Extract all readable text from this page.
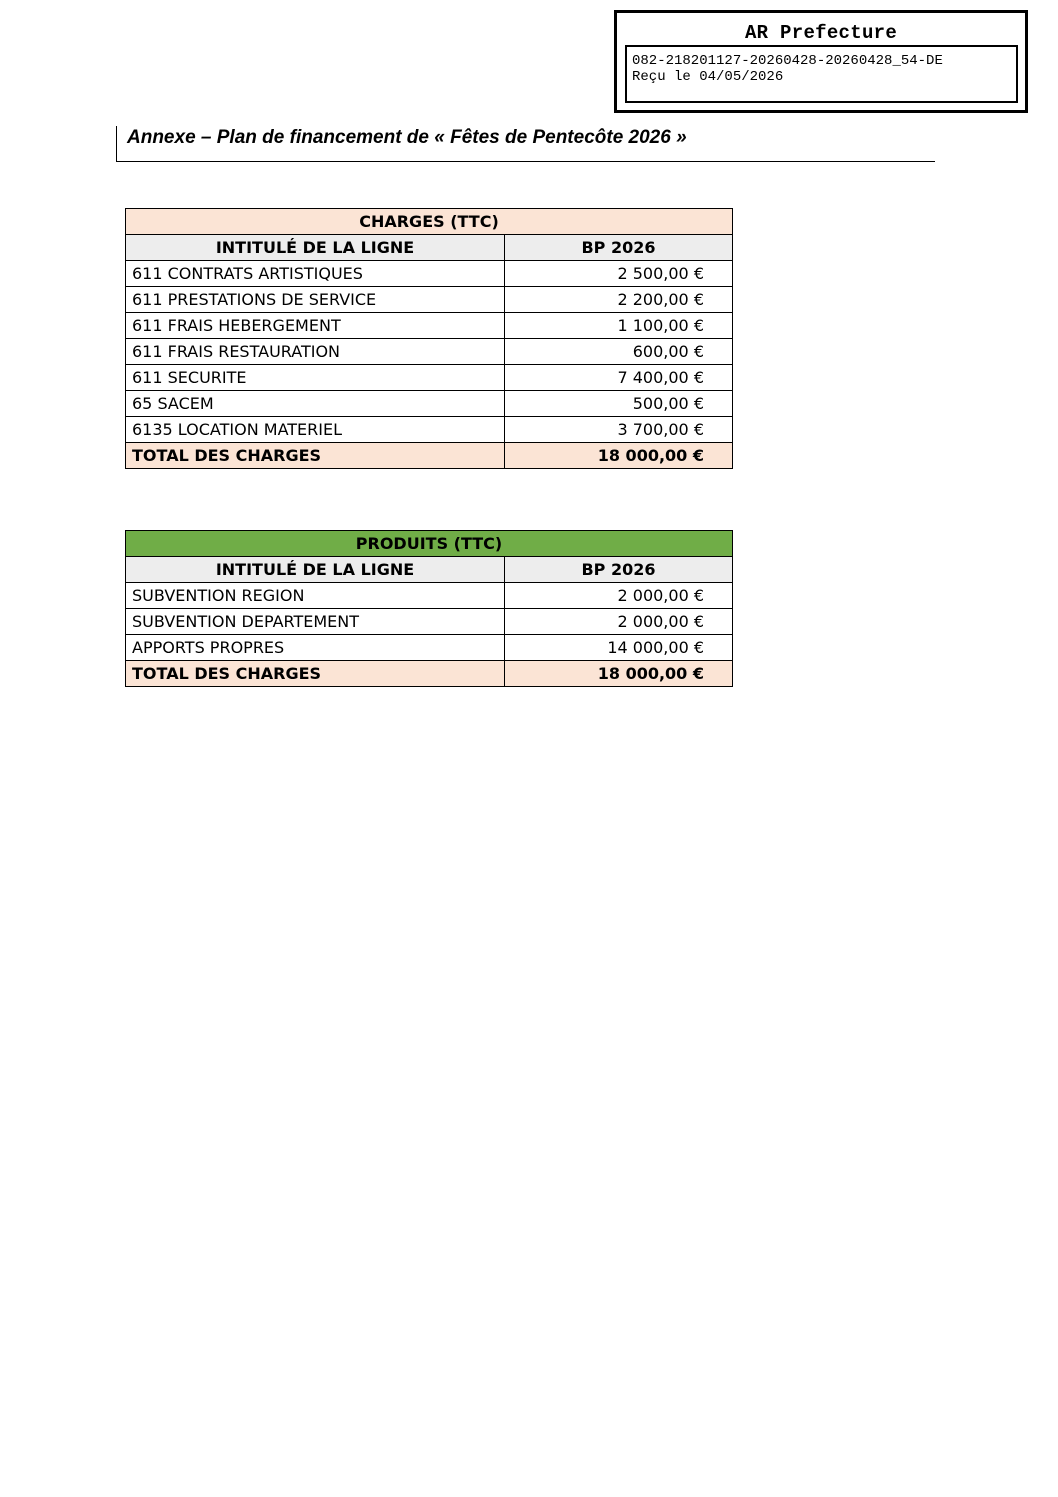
AR Prefecture
082-218201127-20260428-20260428_54-DE
Reçu le 04/05/2026
Annexe – Plan de financement de « Fêtes de Pentecôte 2026 »
CHARGES (TTC)	
INTITULÉ DE LA LIGNE	BP 2026
611 CONTRATS ARTISTIQUES	2 500,00 €
611 PRESTATIONS DE SERVICE	2 200,00 €
611 FRAIS HEBERGEMENT	1 100,00 €
611 FRAIS RESTAURATION	600,00 €
611 SECURITE	7 400,00 €
65 SACEM	500,00 €
6135 LOCATION MATERIEL	3 700,00 €
TOTAL DES CHARGES	18 000,00 €
PRODUITS (TTC)	
INTITULÉ DE LA LIGNE	BP 2026
SUBVENTION REGION	2 000,00 €
SUBVENTION DEPARTEMENT	2 000,00 €
APPORTS PROPRES	14 000,00 €
TOTAL DES CHARGES	18 000,00 €
